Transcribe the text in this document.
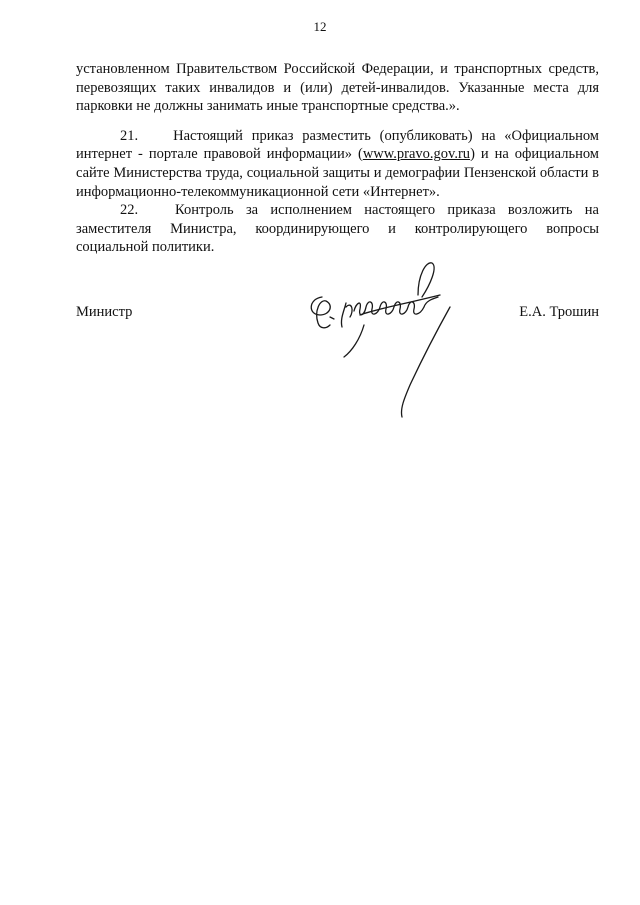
12

установленном Правительством Российской Федерации, и транспортных средств, перевозящих таких инвалидов и (или) детей-инвалидов. Указанные места для парковки не должны занимать иные транспортные средства.».

21.    Настоящий приказ разместить (опубликовать) на «Официальном интернет - портале правовой информации» (www.pravo.gov.ru) и на официальном сайте Министерства труда, социальной защиты и демографии Пензенской области в информационно-телекоммуникационной сети «Интернет».

22.   Контроль за исполнением настоящего приказа возложить на заместителя Министра, координирующего и контролирующего вопросы социальной политики.

Министр	Е.А. Трошин
